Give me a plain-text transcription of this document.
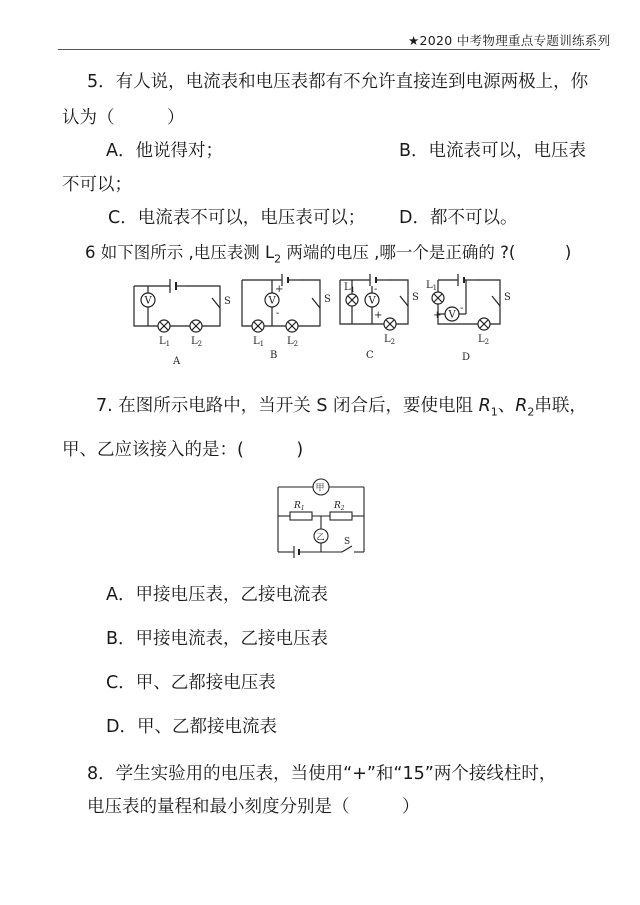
★2020 中考物理重点专题训练系列
5．有人说，电流表和电压表都有不允许直接连到电源两极上，你
认为（　　　）
A．他说得对；	B．电流表可以，电压表
不可以；
C．电流表不可以，电压表可以； D．都不可以。
6 如下图所示 ,电压表测 $L_2$ 两端的电压 ,哪一个是正确的 ?(　　　)
V	S
$L_1$ $L_2$
A
V
+
-
S
$L_1$ $L_2$
B
$L_1$
V
-
+
S
$L_2$
C
$L_1$
V
+
-
S
$L_2$
D
7. 在图所示电路中，当开关 S 闭合后，要使电阻 $R_1$、$R_2$串联，
甲、乙应该接入的是：(　　　)
甲
$R_1$	$R_2$
乙 S
A．甲接电压表，乙接电流表
B．甲接电流表，乙接电压表
C．甲、乙都接电压表
D．甲、乙都接电流表
8．学生实验用的电压表，当使用“+”和“15”两个接线柱时，
电压表的量程和最小刻度分别是（　　　）
